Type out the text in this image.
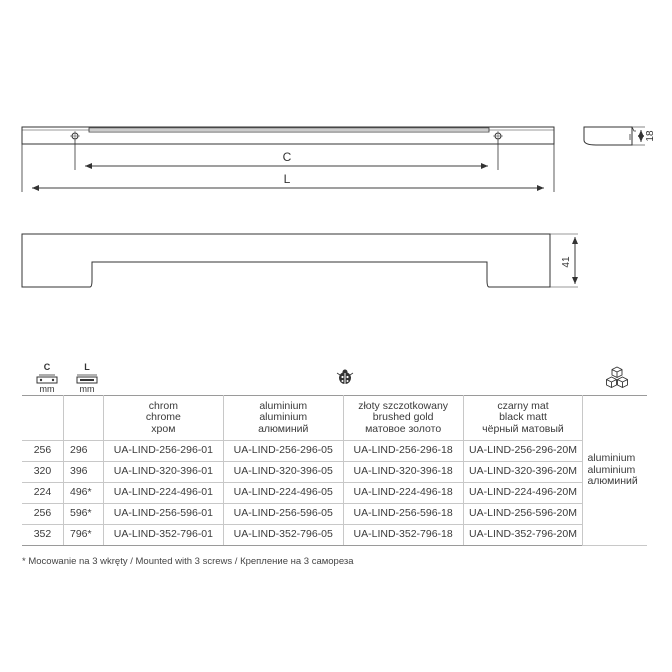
C
L
18
41
C
mm
L
mm

		chrom
chrome
хром	aluminium
aluminium
алюминий	złoty szczotkowany
brushed gold
матовое золото	czarny mat
black matt
чёрный матовый	aluminium
aluminium
алюминий

256	296	UA-LIND-256-296-01	UA-LIND-256-296-05	UA-LIND-256-296-18	UA-LIND-256-296-20M	
320	396	UA-LIND-320-396-01	UA-LIND-320-396-05	UA-LIND-320-396-18	UA-LIND-320-396-20M	
224	496*	UA-LIND-224-496-01	UA-LIND-224-496-05	UA-LIND-224-496-18	UA-LIND-224-496-20M	
256	596*	UA-LIND-256-596-01	UA-LIND-256-596-05	UA-LIND-256-596-18	UA-LIND-256-596-20M	
352	796*	UA-LIND-352-796-01	UA-LIND-352-796-05	UA-LIND-352-796-18	UA-LIND-352-796-20M	
* Mocowanie na 3 wkręty / Mounted with 3 screws / Крепление на 3 самореза
